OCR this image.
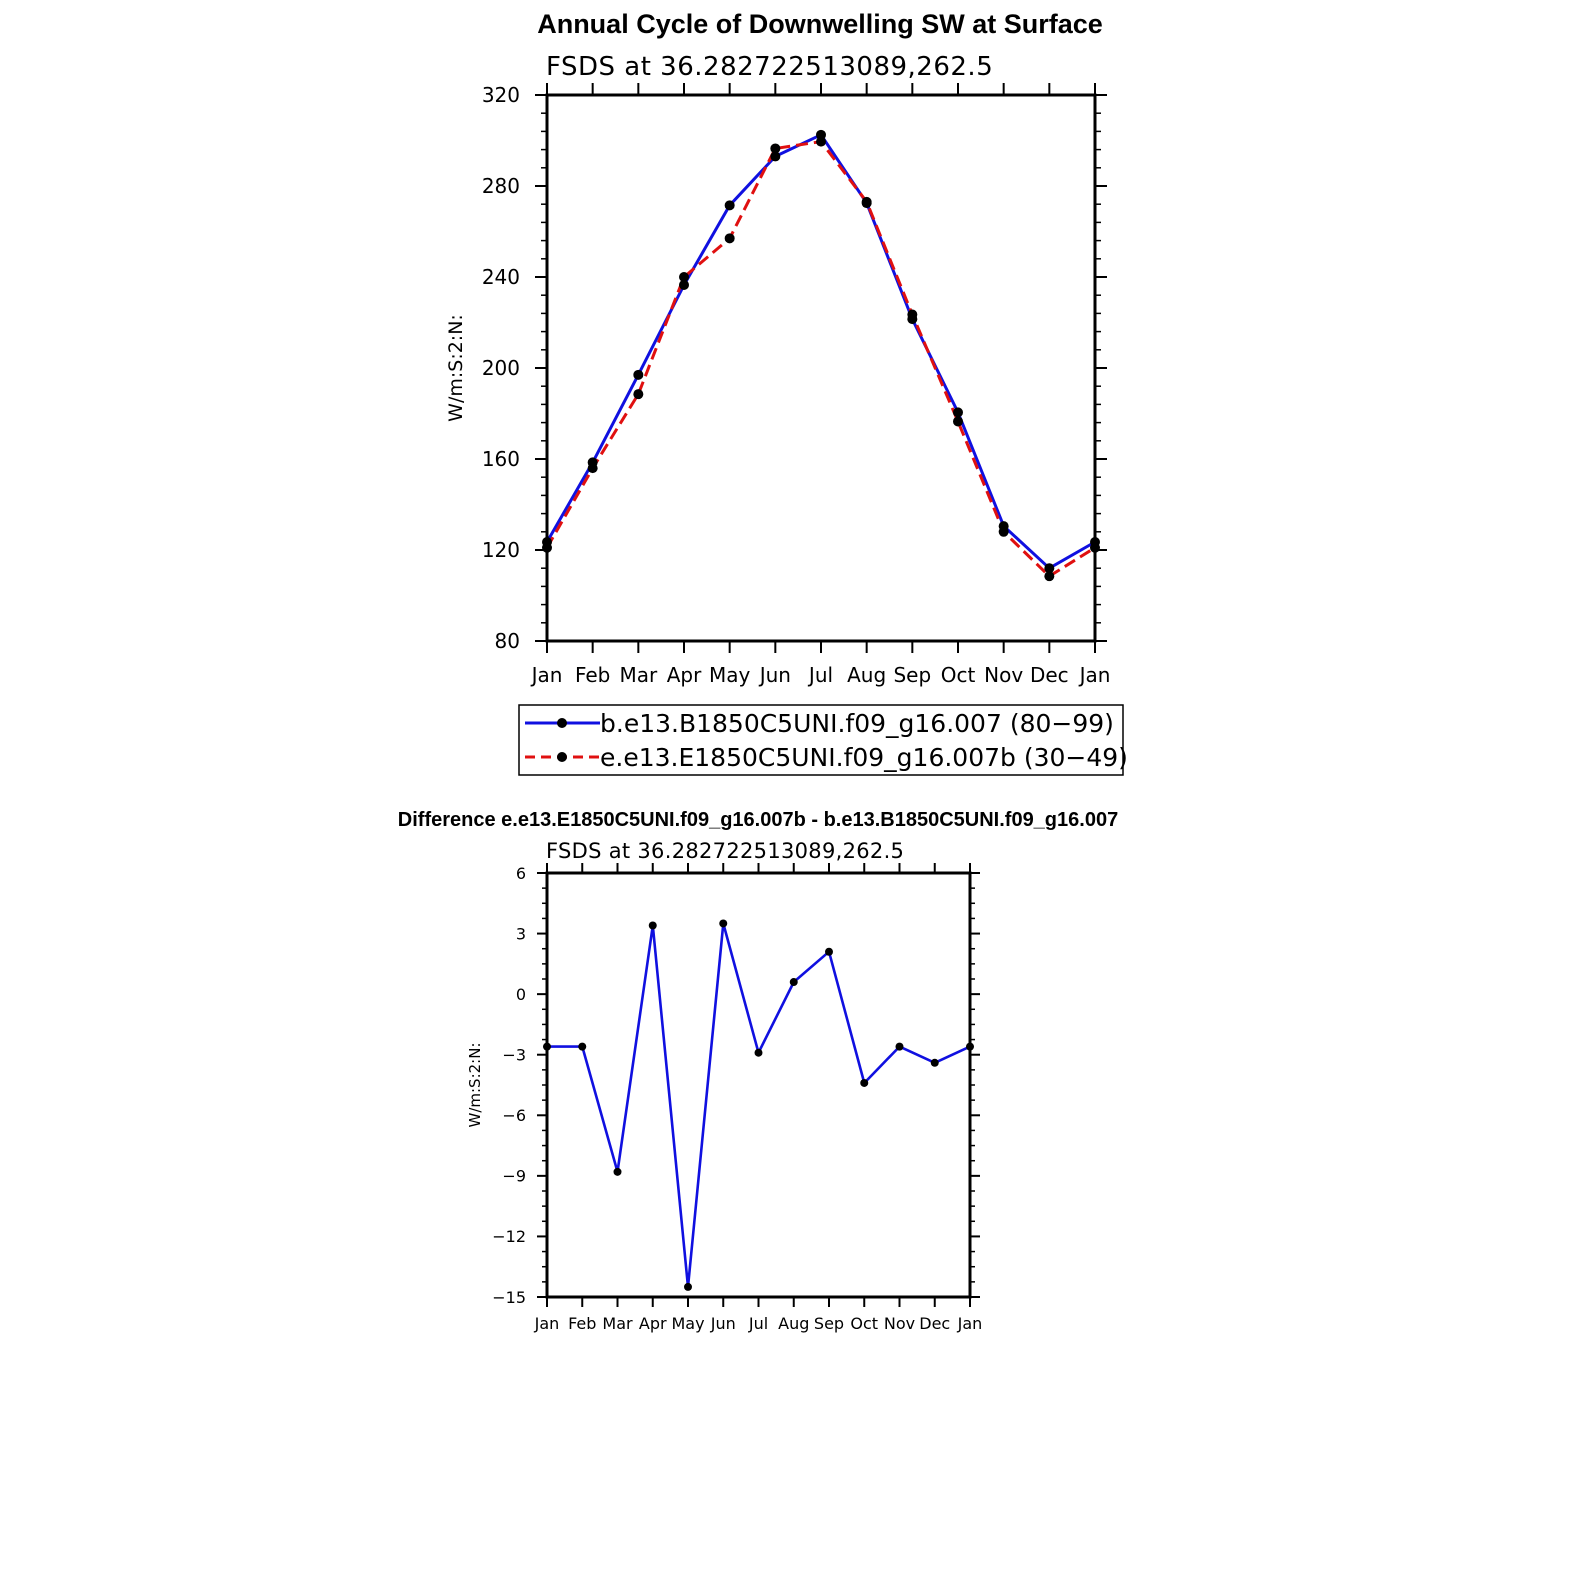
Annual Cycle of Downwelling SW at Surface
FSDS at 36.282722513089,262.5
W/m:S:2:N:
80
120
160
200
240
280
320
Jan Feb Mar Apr May Jun Jul Aug Sep Oct Nov Dec Jan
b.e13.B1850C5UNI.f09_g16.007 (80−99)
e.e13.E1850C5UNI.f09_g16.007b (30−49)
Difference e.e13.E1850C5UNI.f09_g16.007b - b.e13.B1850C5UNI.f09_g16.007
FSDS at 36.282722513089,262.5
W/m:S:2:N:
−15
−12
−9
−6
−3
0
3
6
Jan Feb Mar Apr May Jun Jul Aug Sep Oct Nov Dec Jan
